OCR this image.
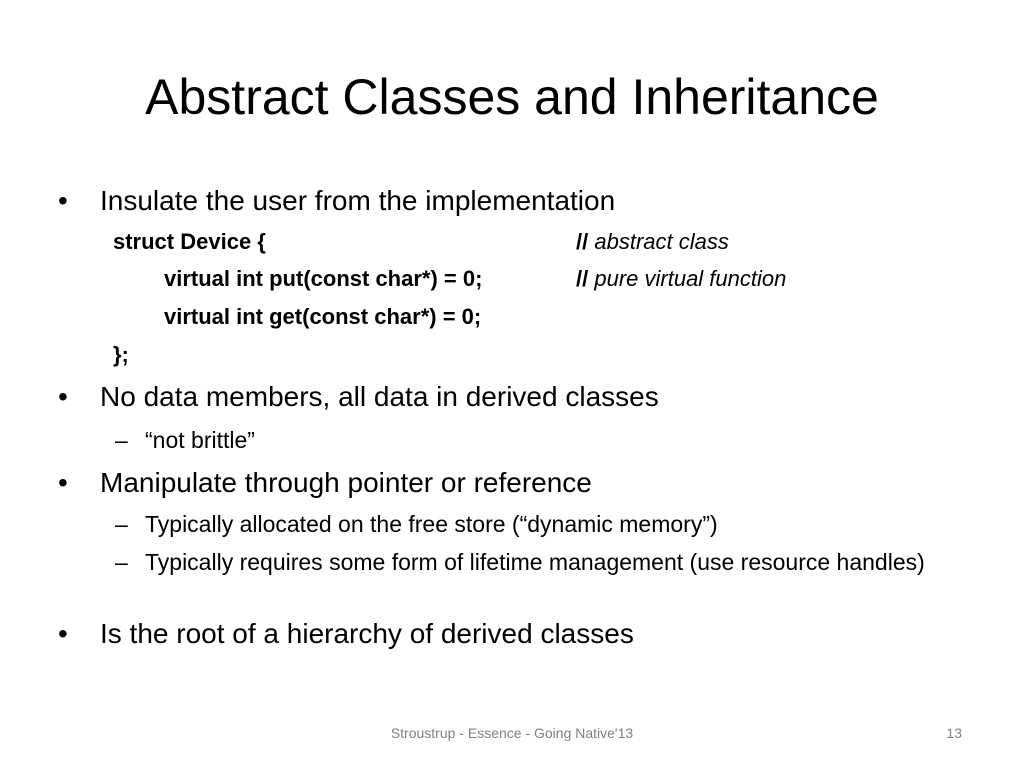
Abstract Classes and Inheritance
• Insulate the user from the implementation
struct Device {	// abstract class
virtual int put(const char*) = 0;	// pure virtual function
virtual int get(const char*) = 0;
};
• No data members, all data in derived classes
– “not brittle”
• Manipulate through pointer or reference
– Typically allocated on the free store (“dynamic memory”)
– Typically requires some form of lifetime management (use resource handles)
• Is the root of a hierarchy of derived classes
Stroustrup - Essence - Going Native'13	13
